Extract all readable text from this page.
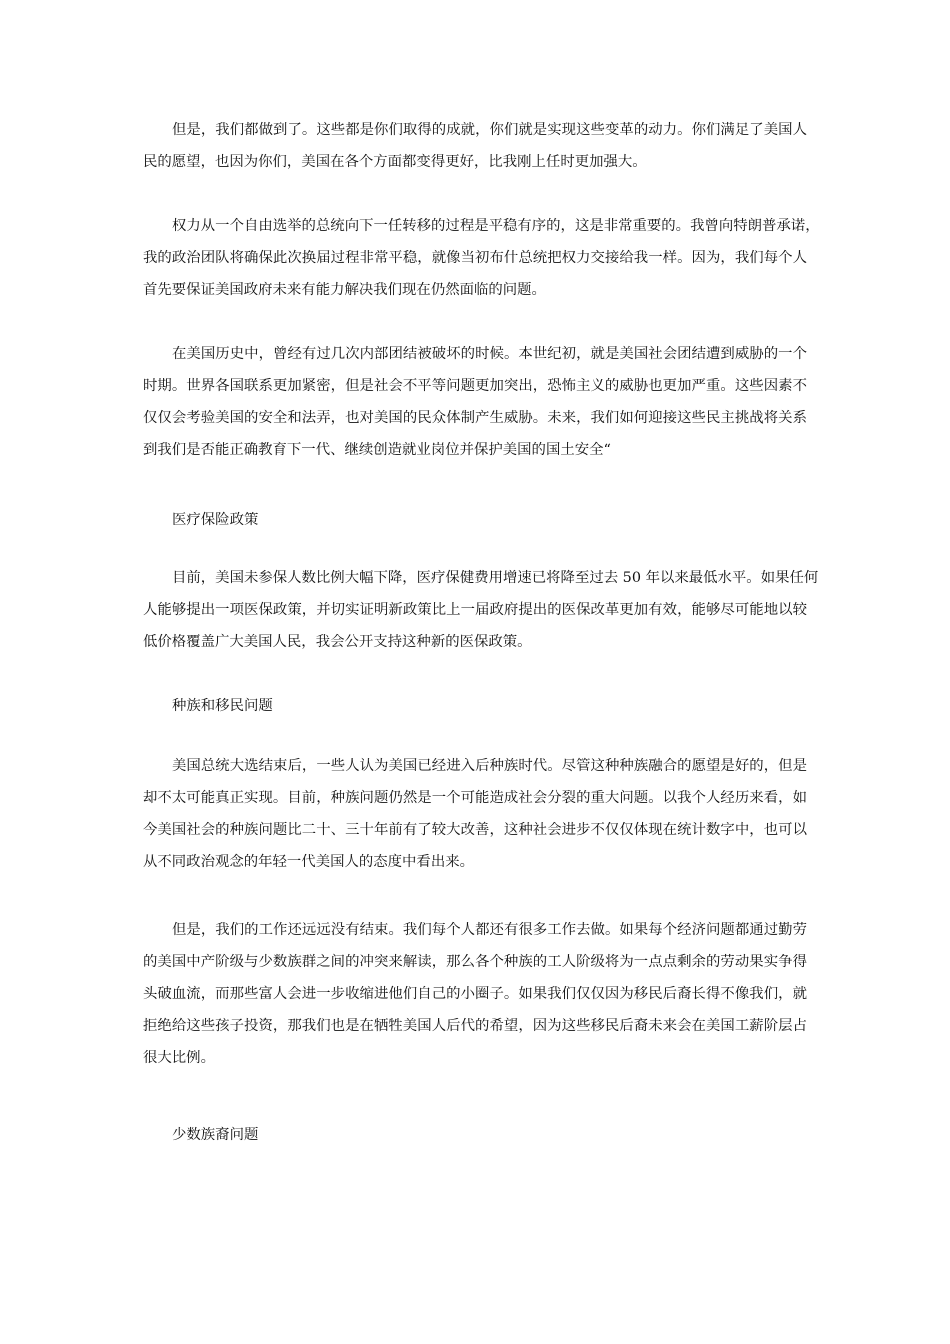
但是，我们都做到了。这些都是你们取得的成就，你们就是实现这些变革的动力。你们满足了美国人
民的愿望，也因为你们，美国在各个方面都变得更好，比我刚上任时更加强大。
权力从一个自由选举的总统向下一任转移的过程是平稳有序的，这是非常重要的。我曾向特朗普承诺，
我的政治团队将确保此次换届过程非常平稳，就像当初布什总统把权力交接给我一样。因为，我们每个人
首先要保证美国政府未来有能力解决我们现在仍然面临的问题。
在美国历史中，曾经有过几次内部团结被破坏的时候。本世纪初，就是美国社会团结遭到威胁的一个
时期。世界各国联系更加紧密，但是社会不平等问题更加突出，恐怖主义的威胁也更加严重。这些因素不
仅仅会考验美国的安全和法弄，也对美国的民众体制产生威胁。未来，我们如何迎接这些民主挑战将关系
到我们是否能正确教育下一代、继续创造就业岗位并保护美国的国土安全“

医疗保险政策

目前，美国未参保人数比例大幅下降，医疗保健费用增速已将降至过去 50 年以来最低水平。如果任何
人能够提出一项医保政策，并切实证明新政策比上一届政府提出的医保改革更加有效，能够尽可能地以较
低价格覆盖广大美国人民，我会公开支持这种新的医保政策。

种族和移民问题

美国总统大选结束后，一些人认为美国已经进入后种族时代。尽管这种种族融合的愿望是好的，但是
却不太可能真正实现。目前，种族问题仍然是一个可能造成社会分裂的重大问题。以我个人经历来看，如
今美国社会的种族问题比二十、三十年前有了较大改善，这种社会进步不仅仅体现在统计数字中，也可以
从不同政治观念的年轻一代美国人的态度中看出来。
但是，我们的工作还远远没有结束。我们每个人都还有很多工作去做。如果每个经济问题都通过勤劳
的美国中产阶级与少数族群之间的冲突来解读，那么各个种族的工人阶级将为一点点剩余的劳动果实争得
头破血流，而那些富人会进一步收缩进他们自己的小圈子。如果我们仅仅因为移民后裔长得不像我们，就
拒绝给这些孩子投资，那我们也是在牺牲美国人后代的希望，因为这些移民后裔未来会在美国工薪阶层占
很大比例。

少数族裔问题
